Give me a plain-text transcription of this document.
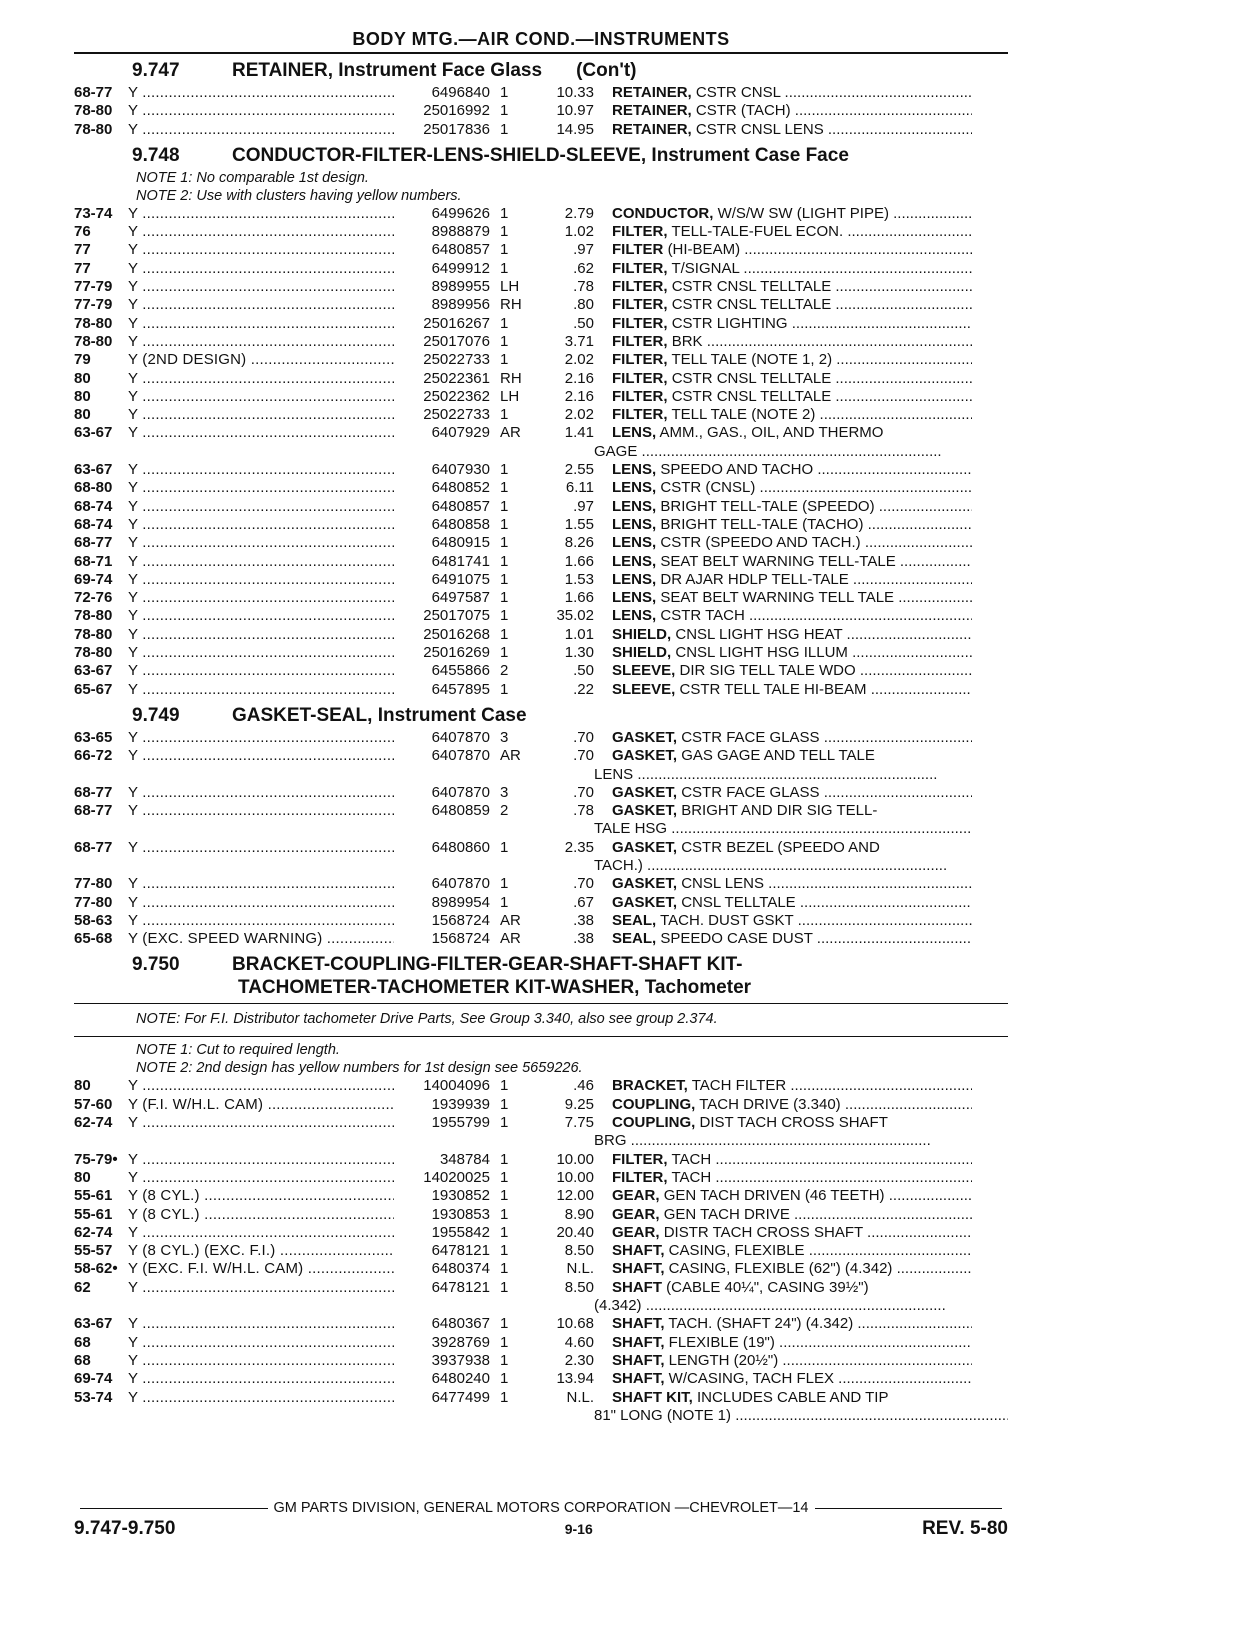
BODY MTG.—AIR COND.—INSTRUMENTS
9.747	RETAINER, Instrument Face Glass (Con't)
68-77	Y .....	6496840 1	10.33	RETAINER, CSTR CNSL .....
78-80	Y .....	25016992 1	10.97	RETAINER, CSTR (TACH) .....
78-80	Y .....	25017836 1	14.95	RETAINER, CSTR CNSL LENS .....
9.748	CONDUCTOR-FILTER-LENS-SHIELD-SLEEVE, Instrument Case Face
NOTE 1: No comparable 1st design.
NOTE 2: Use with clusters having yellow numbers.
73-74	Y .....	6499626 1	2.79	CONDUCTOR, W/S/W SW (LIGHT PIPE) .....
76	Y .....	8988879 1	1.02	FILTER, TELL-TALE-FUEL ECON. .....
77	Y .....	6480857 1	.97	FILTER (HI-BEAM) .....
77	Y .....	6499912 1	.62	FILTER, T/SIGNAL .....
77-79	Y .....	8989955 LH	.78	FILTER, CSTR CNSL TELLTALE .....
77-79	Y .....	8989956 RH	.80	FILTER, CSTR CNSL TELLTALE .....
78-80	Y .....	25016267 1	.50	FILTER, CSTR LIGHTING .....
78-80	Y .....	25017076 1	3.71	FILTER, BRK .....
79	Y (2ND DESIGN) .....	25022733 1	2.02	FILTER, TELL TALE (NOTE 1, 2) .....
80	Y .....	25022361 RH	2.16	FILTER, CSTR CNSL TELLTALE .....
80	Y .....	25022362 LH	2.16	FILTER, CSTR CNSL TELLTALE .....
80	Y .....	25022733 1	2.02	FILTER, TELL TALE (NOTE 2) .....
63-67	Y .....	6407929 AR	1.41	LENS, AMM., GAS., OIL, AND THERMO
GAGE .....
63-67	Y .....	6407930 1	2.55	LENS, SPEEDO AND TACHO .....
68-80	Y .....	6480852 1	6.11	LENS, CSTR (CNSL) .....
68-74	Y .....	6480857 1	.97	LENS, BRIGHT TELL-TALE (SPEEDO) .....
68-74	Y .....	6480858 1	1.55	LENS, BRIGHT TELL-TALE (TACHO) .....
68-77	Y .....	6480915 1	8.26	LENS, CSTR (SPEEDO AND TACH.) .....
68-71	Y .....	6481741 1	1.66	LENS, SEAT BELT WARNING TELL-TALE .....
69-74	Y .....	6491075 1	1.53	LENS, DR AJAR HDLP TELL-TALE .....
72-76	Y .....	6497587 1	1.66	LENS, SEAT BELT WARNING TELL TALE .....
78-80	Y .....	25017075 1	35.02	LENS, CSTR TACH .....
78-80	Y .....	25016268 1	1.01	SHIELD, CNSL LIGHT HSG HEAT .....
78-80	Y .....	25016269 1	1.30	SHIELD, CNSL LIGHT HSG ILLUM .....
63-67	Y .....	6455866 2	.50	SLEEVE, DIR SIG TELL TALE WDO .....
65-67	Y .....	6457895 1	.22	SLEEVE, CSTR TELL TALE HI-BEAM .....
9.749	GASKET-SEAL, Instrument Case
63-65	Y .....	6407870 3	.70	GASKET, CSTR FACE GLASS .....
66-72	Y .....	6407870 AR	.70	GASKET, GAS GAGE AND TELL TALE
LENS .....
68-77	Y .....	6407870 3	.70	GASKET, CSTR FACE GLASS .....
68-77	Y .....	6480859 2	.78	GASKET, BRIGHT AND DIR SIG TELL-
TALE HSG .....
68-77	Y .....	6480860 1	2.35	GASKET, CSTR BEZEL (SPEEDO AND
TACH.) .....
77-80	Y .....	6407870 1	.70	GASKET, CNSL LENS .....
77-80	Y .....	8989954 1	.67	GASKET, CNSL TELLTALE .....
58-63	Y .....	1568724 AR	.38	SEAL, TACH. DUST GSKT .....
65-68	Y (EXC. SPEED WARNING) .....	1568724 AR	.38	SEAL, SPEEDO CASE DUST .....
9.750	BRACKET-COUPLING-FILTER-GEAR-SHAFT-SHAFT KIT-
TACHOMETER-TACHOMETER KIT-WASHER, Tachometer
NOTE: For F.I. Distributor tachometer Drive Parts, See Group 3.340, also see group 2.374.
NOTE 1: Cut to required length.
NOTE 2: 2nd design has yellow numbers for 1st design see 5659226.
80	Y .....	14004096 1	.46	BRACKET, TACH FILTER .....
57-60	Y (F.I. W/H.L. CAM) .....	1939939 1	9.25	COUPLING, TACH DRIVE (3.340) .....
62-74	Y .....	1955799 1	7.75	COUPLING, DIST TACH CROSS SHAFT
BRG .....
75-79• Y .....	348784 1	10.00	FILTER, TACH .....
80	Y .....	14020025 1	10.00	FILTER, TACH .....
55-61	Y (8 CYL.) .....	1930852 1	12.00	GEAR, GEN TACH DRIVEN (46 TEETH) .....
55-61	Y (8 CYL.) .....	1930853 1	8.90	GEAR, GEN TACH DRIVE .....
62-74	Y .....	1955842 1	20.40	GEAR, DISTR TACH CROSS SHAFT .....
55-57	Y (8 CYL.) (EXC. F.I.) .....	6478121 1	8.50	SHAFT, CASING, FLEXIBLE .....
58-62• Y (EXC. F.I. W/H.L. CAM) .....	6480374 1	N.L.	SHAFT, CASING, FLEXIBLE (62") (4.342) .....
62	Y .....	6478121 1	8.50	SHAFT (CABLE 40¼", CASING 39½")
(4.342) .....
63-67	Y .....	6480367 1	10.68	SHAFT, TACH. (SHAFT 24") (4.342) .....
68	Y .....	3928769 1	4.60	SHAFT, FLEXIBLE (19") .....
68	Y .....	3937938 1	2.30	SHAFT, LENGTH (20½") .....
69-74	Y .....	6480240 1	13.94	SHAFT, W/CASING, TACH FLEX .....
53-74	Y .....	6477499 1	N.L.	SHAFT KIT, INCLUDES CABLE AND TIP
81" LONG (NOTE 1) .....
GM PARTS DIVISION, GENERAL MOTORS CORPORATION —CHEVROLET—14
9.747-9.750	9-16	REV. 5-80
